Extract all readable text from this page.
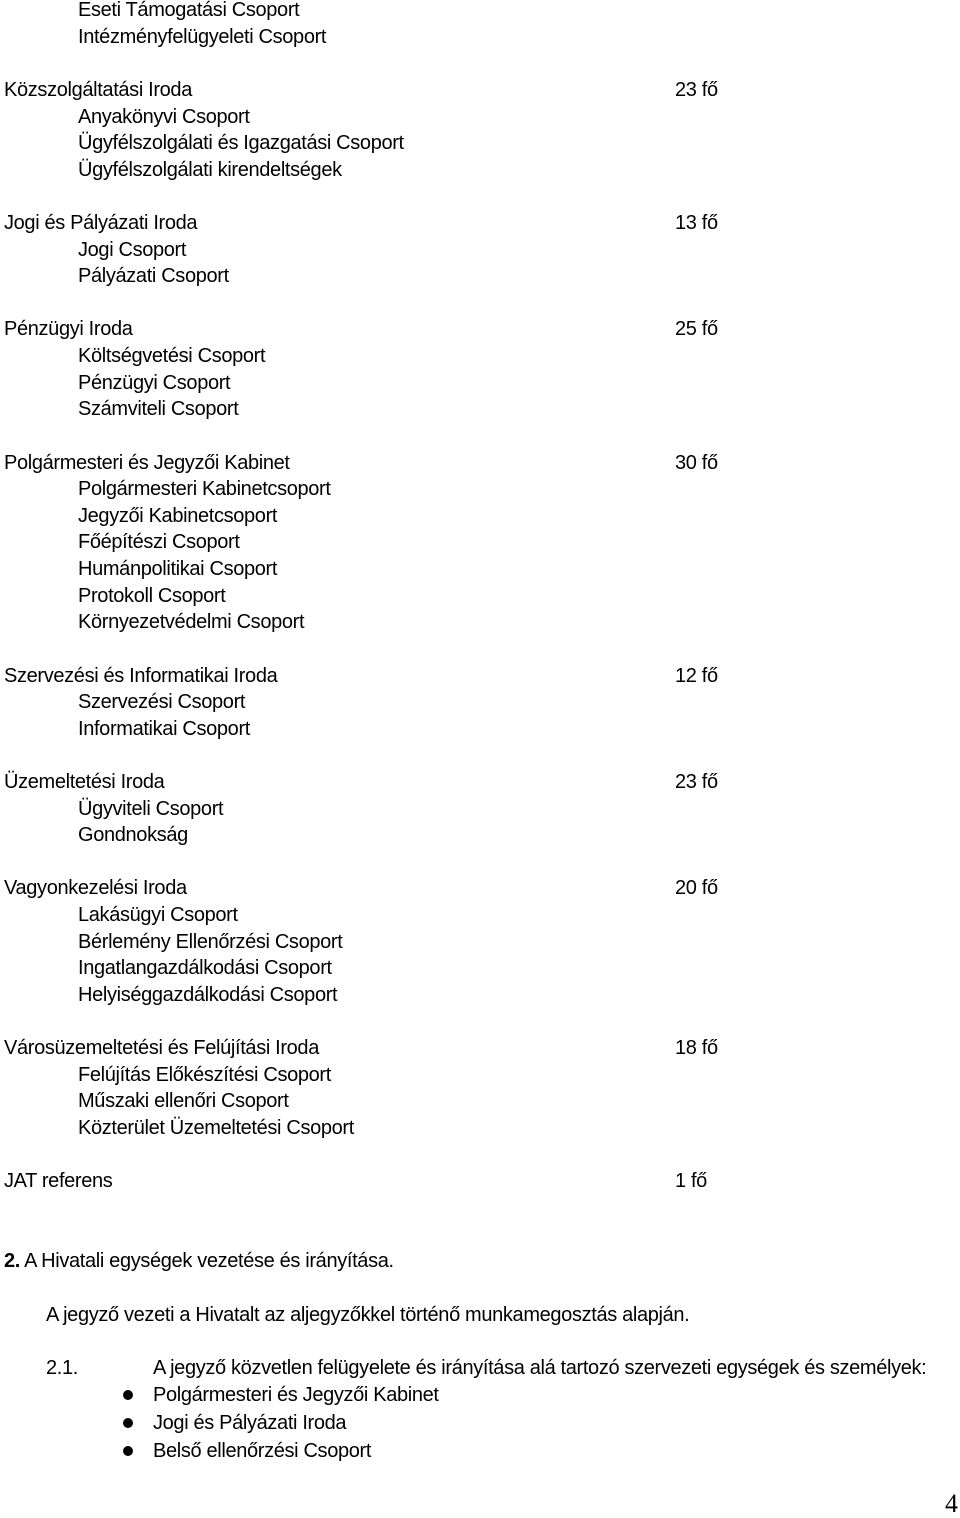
Eseti Támogatási Csoport
Intézményfelügyeleti Csoport
Közszolgáltatási Iroda	23 fő
Anyakönyvi Csoport
Ügyfélszolgálati és Igazgatási Csoport
Ügyfélszolgálati kirendeltségek
Jogi és Pályázati Iroda	13 fő
Jogi Csoport
Pályázati Csoport
Pénzügyi Iroda	25 fő
Költségvetési Csoport
Pénzügyi Csoport
Számviteli Csoport
Polgármesteri és Jegyzői Kabinet	30 fő
Polgármesteri Kabinetcsoport
Jegyzői Kabinetcsoport
Főépítészi Csoport
Humánpolitikai Csoport
Protokoll Csoport
Környezetvédelmi Csoport
Szervezési és Informatikai Iroda	12 fő
Szervezési Csoport
Informatikai Csoport
Üzemeltetési Iroda	23 fő
Ügyviteli Csoport
Gondnokság
Vagyonkezelési Iroda	20 fő
Lakásügyi Csoport
Bérlemény Ellenőrzési Csoport
Ingatlangazdálkodási Csoport
Helyiséggazdálkodási Csoport
Városüzemeltetési és Felújítási Iroda	18 fő
Felújítás Előkészítési Csoport
Műszaki ellenőri Csoport
Közterület Üzemeltetési Csoport
JAT referens	1 fő
2. A Hivatali egységek vezetése és irányítása.
A jegyző vezeti a Hivatalt az aljegyzőkkel történő munkamegosztás alapján.
2.1.	A jegyző közvetlen felügyelete és irányítása alá tartozó szervezeti egységek és személyek:
Polgármesteri és Jegyzői Kabinet
Jogi és Pályázati Iroda
Belső ellenőrzési Csoport
4
